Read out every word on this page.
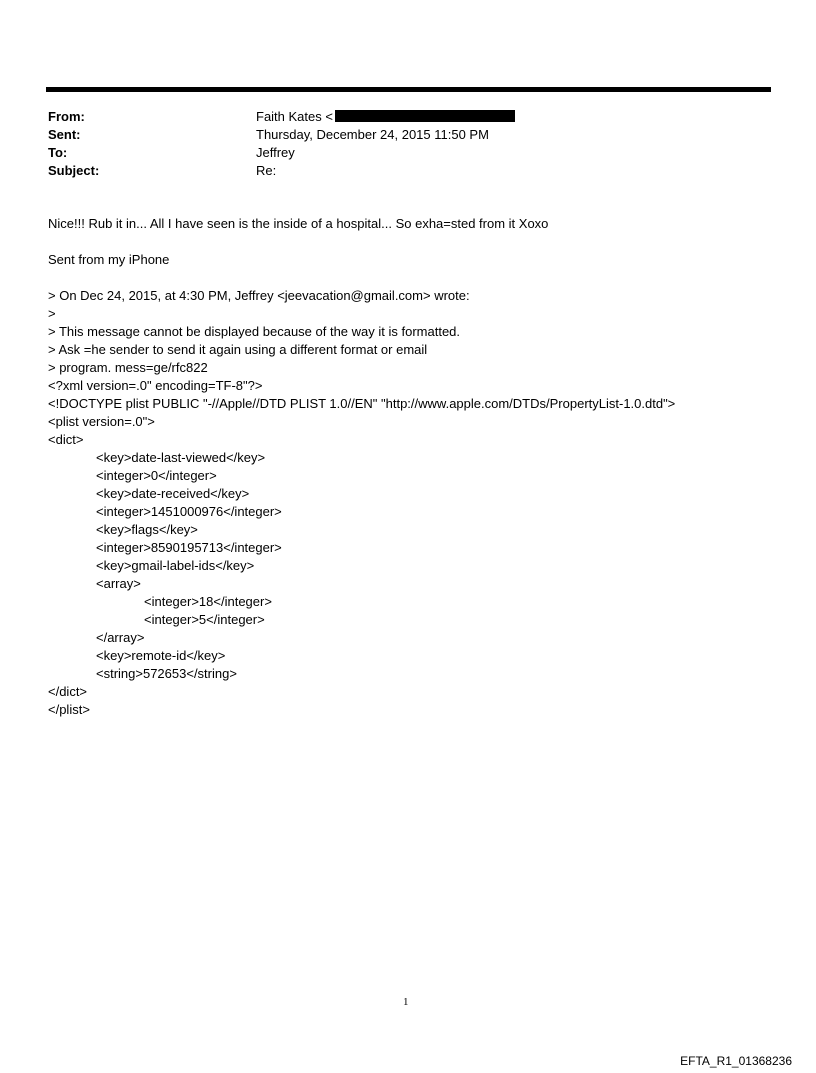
From:	Faith Kates <
Sent:	Thursday, December 24, 2015 11:50 PM
To:	Jeffrey
Subject:	Re:
Nice!!! Rub it in... All I have seen is the inside of a hospital... So exha=sted from it Xoxo
Sent from my iPhone
> On Dec 24, 2015, at 4:30 PM, Jeffrey <jeevacation@gmail.com> wrote:
>
> This message cannot be displayed because of the way it is formatted.
> Ask =he sender to send it again using a different format or email
> program. mess=ge/rfc822
<?xml version=.0" encoding=TF-8"?>
<!DOCTYPE plist PUBLIC "-//Apple//DTD PLIST 1.0//EN" "http://www.apple.com/DTDs/PropertyList-1.0.dtd">
<plist version=.0">
<dict>
<key>date-last-viewed</key>
<integer>0</integer>
<key>date-received</key>
<integer>1451000976</integer>
<key>flags</key>
<integer>8590195713</integer>
<key>gmail-label-ids</key>
<array>
<integer>18</integer>
<integer>5</integer>
</array>
<key>remote-id</key>
<string>572653</string>
</dict>
</plist>
1
EFTA_R1_01368236
